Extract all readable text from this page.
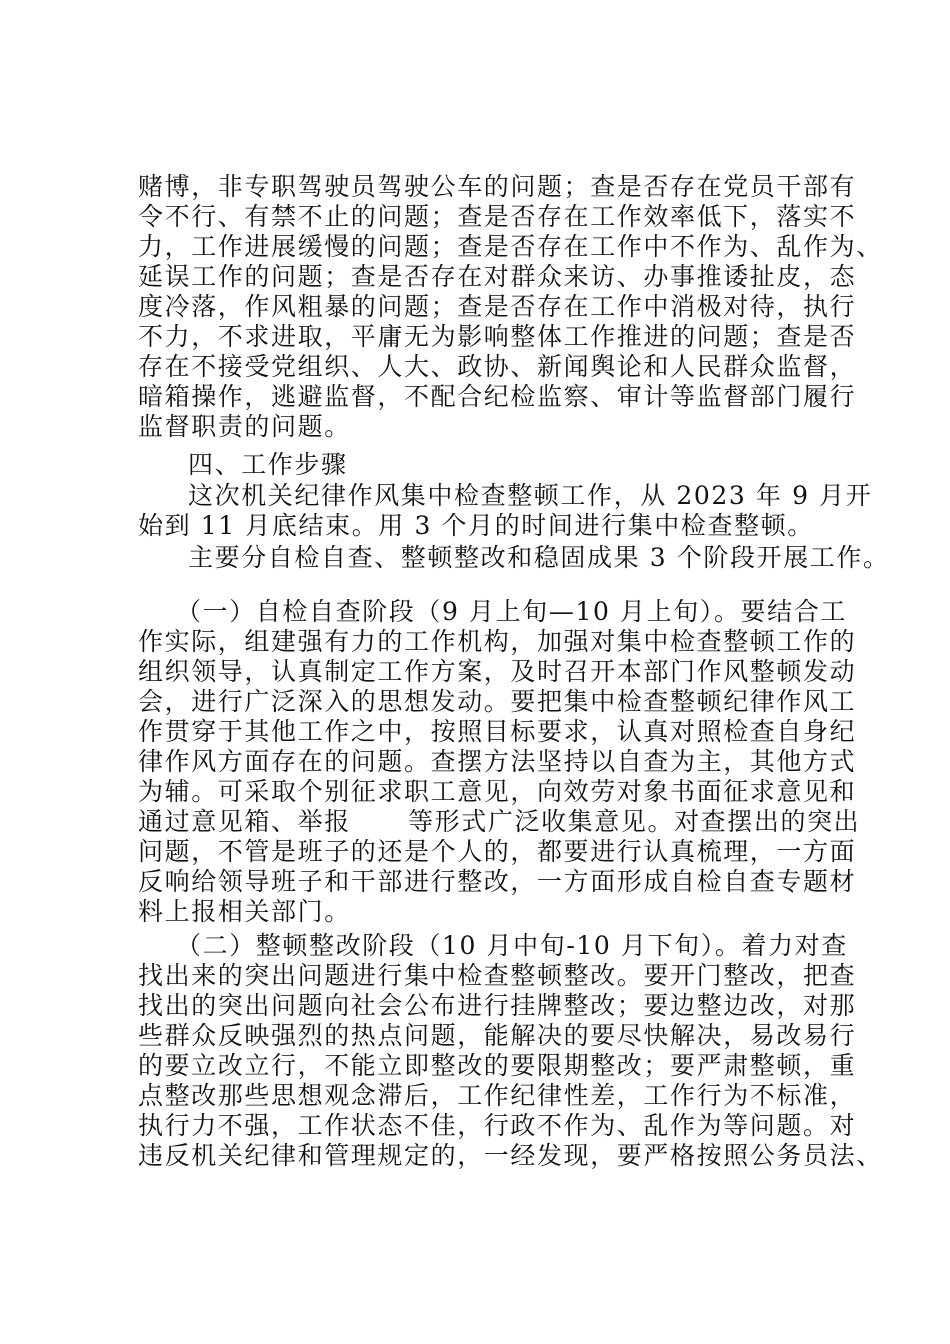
赌博，非专职驾驶员驾驶公车的问题；查是否存在党员干部有
令不行、有禁不止的问题；查是否存在工作效率低下，落实不
力，工作进展缓慢的问题；查是否存在工作中不作为、乱作为、
延误工作的问题；查是否存在对群众来访、办事推诿扯皮，态
度冷落，作风粗暴的问题；查是否存在工作中消极对待，执行
不力，不求进取，平庸无为影响整体工作推进的问题；查是否
存在不接受党组织、人大、政协、新闻舆论和人民群众监督，
暗箱操作，逃避监督，不配合纪检监察、审计等监督部门履行
监督职责的问题。
四、工作步骤
这次机关纪律作风集中检查整顿工作，从 2023 年 9 月开
始到 11 月底结束。用 3 个月的时间进行集中检查整顿。
主要分自检自查、整顿整改和稳固成果 3 个阶段开展工作。
（一）自检自查阶段（9 月上旬—10 月上旬）。要结合工
作实际，组建强有力的工作机构，加强对集中检查整顿工作的
组织领导，认真制定工作方案，及时召开本部门作风整顿发动
会，进行广泛深入的思想发动。要把集中检查整顿纪律作风工
作贯穿于其他工作之中，按照目标要求，认真对照检查自身纪
律作风方面存在的问题。查摆方法坚持以自查为主，其他方式
为辅。可采取个别征求职工意见，向效劳对象书面征求意见和
通过意见箱、举报      等形式广泛收集意见。对查摆出的突出
问题，不管是班子的还是个人的，都要进行认真梳理，一方面
反响给领导班子和干部进行整改，一方面形成自检自查专题材
料上报相关部门。
（二）整顿整改阶段（10 月中旬-10 月下旬）。着力对查
找出来的突出问题进行集中检查整顿整改。要开门整改，把查
找出的突出问题向社会公布进行挂牌整改；要边整边改，对那
些群众反映强烈的热点问题，能解决的要尽快解决，易改易行
的要立改立行，不能立即整改的要限期整改；要严肃整顿，重
点整改那些思想观念滞后，工作纪律性差，工作行为不标准，
执行力不强，工作状态不佳，行政不作为、乱作为等问题。对
违反机关纪律和管理规定的，一经发现，要严格按照公务员法、
